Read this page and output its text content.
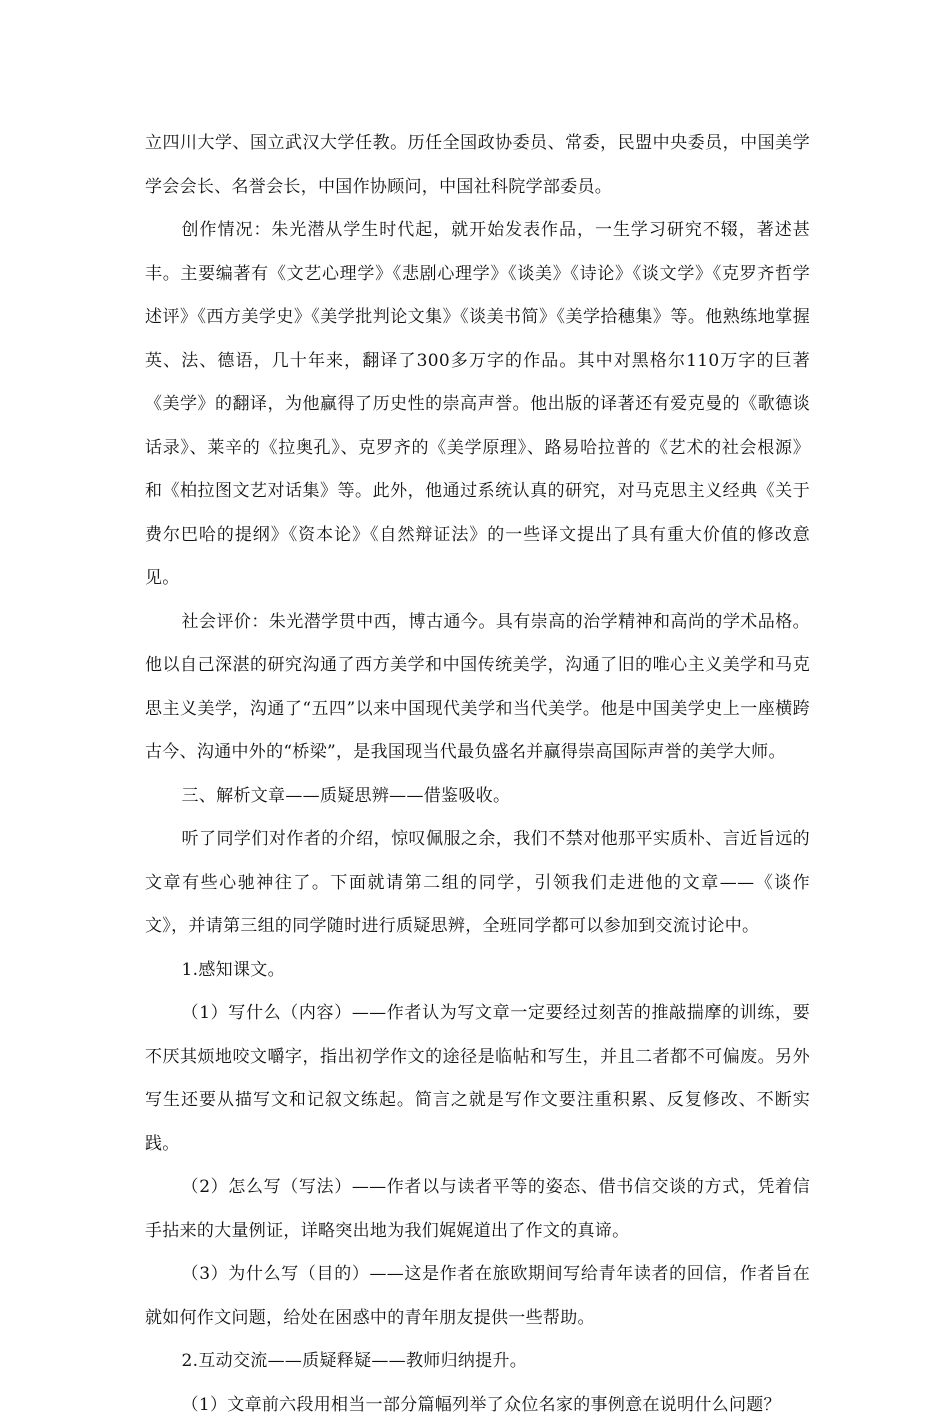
立四川大学、国立武汉大学任教。历任全国政协委员、常委，民盟中央委员，中国美学学会会长、名誉会长，中国作协顾问，中国社科院学部委员。

创作情况：朱光潜从学生时代起，就开始发表作品，一生学习研究不辍，著述甚丰。主要编著有《文艺心理学》《悲剧心理学》《谈美》《诗论》《谈文学》《克罗齐哲学述评》《西方美学史》《美学批判论文集》《谈美书简》《美学拾穗集》等。他熟练地掌握英、法、德语，几十年来，翻译了300多万字的作品。其中对黑格尔110万字的巨著《美学》的翻译，为他赢得了历史性的崇高声誉。他出版的译著还有爱克曼的《歌德谈话录》、莱辛的《拉奥孔》、克罗齐的《美学原理》、路易哈拉普的《艺术的社会根源》和《柏拉图文艺对话集》等。此外，他通过系统认真的研究，对马克思主义经典《关于费尔巴哈的提纲》《资本论》《自然辩证法》的一些译文提出了具有重大价值的修改意见。

社会评价：朱光潜学贯中西，博古通今。具有崇高的治学精神和高尚的学术品格。他以自己深湛的研究沟通了西方美学和中国传统美学，沟通了旧的唯心主义美学和马克思主义美学，沟通了“五四”以来中国现代美学和当代美学。他是中国美学史上一座横跨古今、沟通中外的“桥梁”，是我国现当代最负盛名并赢得崇高国际声誉的美学大师。

三、解析文章——质疑思辨——借鉴吸收。

听了同学们对作者的介绍，惊叹佩服之余，我们不禁对他那平实质朴、言近旨远的文章有些心驰神往了。下面就请第二组的同学，引领我们走进他的文章——《谈作文》，并请第三组的同学随时进行质疑思辨，全班同学都可以参加到交流讨论中。

1.感知课文。

（1）写什么（内容）——作者认为写文章一定要经过刻苦的推敲揣摩的训练，要不厌其烦地咬文嚼字，指出初学作文的途径是临帖和写生，并且二者都不可偏废。另外写生还要从描写文和记叙文练起。简言之就是写作文要注重积累、反复修改、不断实践。

（2）怎么写（写法）——作者以与读者平等的姿态、借书信交谈的方式，凭着信手拈来的大量例证，详略突出地为我们娓娓道出了作文的真谛。

（3）为什么写（目的）——这是作者在旅欧期间写给青年读者的回信，作者旨在就如何作文问题，给处在困惑中的青年朋友提供一些帮助。

2.互动交流——质疑释疑——教师归纳提升。

（1）文章前六段用相当一部分篇幅列举了众位名家的事例意在说明什么问题？
